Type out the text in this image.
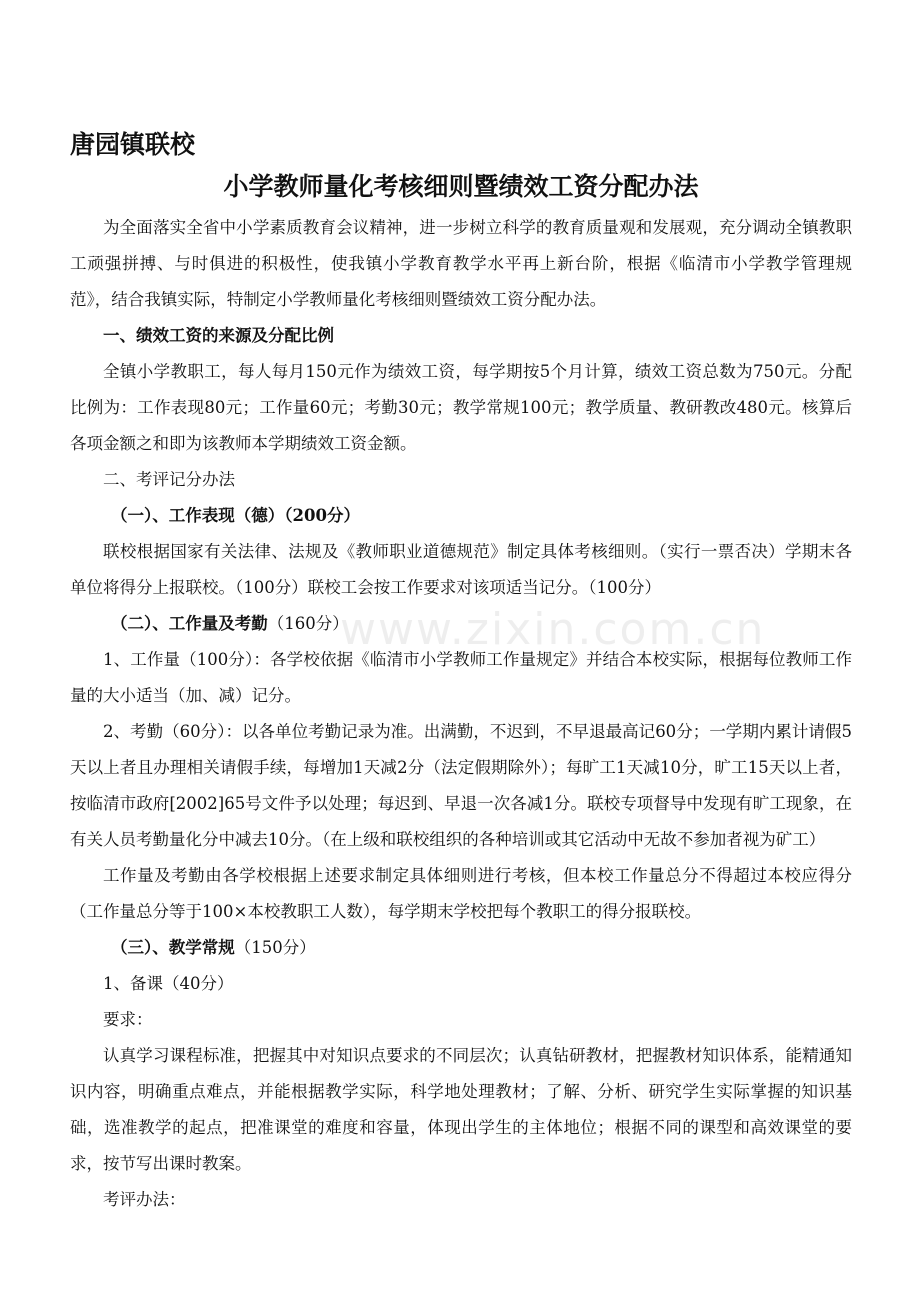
唐园镇联校
小学教师量化考核细则暨绩效工资分配办法

为全面落实全省中小学素质教育会议精神，进一步树立科学的教育质量观和发展观，充分调动全镇教职工顽强拼搏、与时俱进的积极性，使我镇小学教育教学水平再上新台阶，根据《临清市小学教学管理规范》，结合我镇实际，特制定小学教师量化考核细则暨绩效工资分配办法。

一、绩效工资的来源及分配比例

全镇小学教职工，每人每月150元作为绩效工资，每学期按5个月计算，绩效工资总数为750元。分配比例为：工作表现80元；工作量60元；考勤30元；教学常规100元；教学质量、教研教改480元。核算后各项金额之和即为该教师本学期绩效工资金额。

二、考评记分办法

（一）、工作表现（德）（200分）

联校根据国家有关法律、法规及《教师职业道德规范》制定具体考核细则。（实行一票否决）学期末各单位将得分上报联校。（100分）联校工会按工作要求对该项适当记分。（100分）

（二）、工作量及考勤（160分）

1、工作量（100分）：各学校依据《临清市小学教师工作量规定》并结合本校实际，根据每位教师工作量的大小适当（加、减）记分。

2、考勤（60分）：以各单位考勤记录为准。出满勤，不迟到，不早退最高记60分；一学期内累计请假5天以上者且办理相关请假手续，每增加1天减2分（法定假期除外）；每旷工1天减10分，旷工15天以上者，按临清市政府[2002]65号文件予以处理；每迟到、早退一次各减1分。联校专项督导中发现有旷工现象，在有关人员考勤量化分中减去10分。（在上级和联校组织的各种培训或其它活动中无故不参加者视为矿工）

工作量及考勤由各学校根据上述要求制定具体细则进行考核，但本校工作量总分不得超过本校应得分（工作量总分等于100×本校教职工人数），每学期末学校把每个教职工的得分报联校。

（三）、教学常规（150分）

1、备课（40分）

要求：

认真学习课程标准，把握其中对知识点要求的不同层次；认真钻研教材，把握教材知识体系，能精通知识内容，明确重点难点，并能根据教学实际，科学地处理教材；了解、分析、研究学生实际掌握的知识基础，选准教学的起点，把准课堂的难度和容量，体现出学生的主体地位；根据不同的课型和高效课堂的要求，按节写出课时教案。

考评办法：

www.zixin.com.cn
